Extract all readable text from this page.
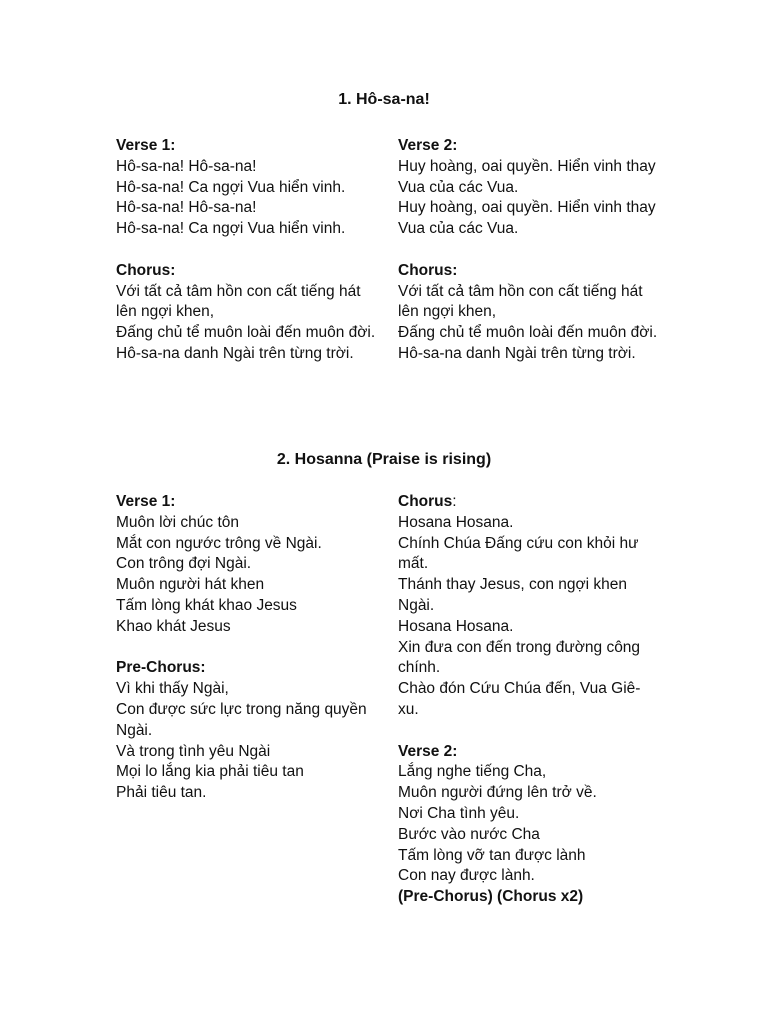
1. Hô-sa-na!
Verse 1:
Hô-sa-na! Hô-sa-na!
Hô-sa-na! Ca ngợi Vua hiển vinh.
Hô-sa-na! Hô-sa-na!
Hô-sa-na! Ca ngợi Vua hiển vinh.
Chorus:
Với tất cả tâm hồn con cất tiếng hát lên ngợi khen,
Đấng chủ tể muôn loài đến muôn đời.
Hô-sa-na danh Ngài trên từng trời.
Verse 2:
Huy hoàng, oai quyền. Hiển vinh thay Vua của các Vua.
Huy hoàng, oai quyền. Hiển vinh thay Vua của các Vua.
Chorus:
Với tất cả tâm hồn con cất tiếng hát lên ngợi khen,
Đấng chủ tể muôn loài đến muôn đời.
Hô-sa-na danh Ngài trên từng trời.
2. Hosanna (Praise is rising)
Verse 1:
Muôn lời chúc tôn
Mắt con ngước trông về Ngài.
Con trông đợi Ngài.
Muôn người hát khen
Tấm lòng khát khao Jesus
Khao khát Jesus
Pre-Chorus:
Vì khi thấy Ngài,
Con được sức lực trong năng quyền Ngài.
Và trong tình yêu Ngài
Mọi lo lắng kia phải tiêu tan
Phải tiêu tan.
Chorus:
Hosana Hosana.
Chính Chúa Đấng cứu con khỏi hư mất.
Thánh thay Jesus, con ngợi khen Ngài.
Hosana Hosana.
Xin đưa con đến trong đường công chính.
Chào đón Cứu Chúa đến, Vua Giê-xu.
Verse 2:
Lắng nghe tiếng Cha,
Muôn người đứng lên trở về.
Nơi Cha tình yêu.
Bước vào nước Cha
Tấm lòng vỡ tan được lành
Con nay được lành.
(Pre-Chorus) (Chorus x2)
